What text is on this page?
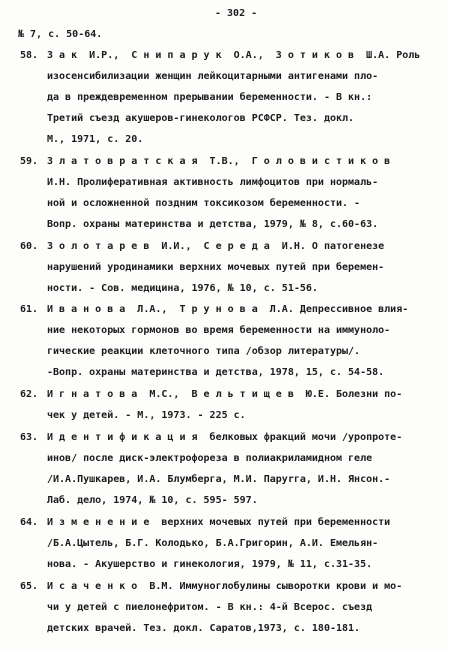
- 302 -
№ 7, с. 50-64.
58. З а к  И.Р.,  С н и п а р у к  О.А.,  З о т и к о в  Ш.А. Роль
изосенсибилизации женщин лейкоцитарными антигенами пло-
да в преждевременном прерывании беременности. - В кн.:
Третий съезд акушеров-гинекологов РСФСР. Тез. докл.
М., 1971, с. 20.
59. З л а т о в р а т с к а я  Т.В.,  Г о л о в и с т и к о в
И.Н. Пролиферативная активность лимфоцитов при нормаль-
ной и осложненной поздним токсикозом беременности. -
Вопр. охраны материнства и детства, 1979, № 8, с.60-63.
60. З о л о т а р е в  И.И.,  С е р е д а  И.Н. О патогенезе
нарушений уродинамики верхних мочевых путей при беремен-
ности. - Сов. медицина, 1976, № 10, с. 51-56.
61. И в а н о в а  Л.А.,  Т р у н о в а  Л.А. Депрессивное влия-
ние некоторых гормонов во время беременности на иммуноло-
гические реакции клеточного типа /обзор литературы/.
-Вопр. охраны материнства и детства, 1978, 15, с. 54-58.
62. И г н а т о в а  М.С.,  В е л ь т и щ е в  Ю.Е. Болезни по-
чек у детей. - М., 1973. - 225 с.
63. И д е н т и ф и к а ц и я  белковых фракций мочи /уропроте-
инов/ после диск-электрофореза в полиакриламидном геле
/И.А.Пушкарев, И.А. Блумберга, М.И. Паруrга, И.Н. Янсон.-
Лаб. дело, 1974, № 10, с. 595- 597.
64. И з м е н е н и е  верхних мочевых путей при беременности
/Б.А.Цытель, Б.Г. Колодько, Б.А.Григорин, А.И. Емельян-
нова. - Акушерство и гинекология, 1979, № 11, с.31-35.
65. И с а ч е н к о  В.М. Иммуноглобулины сыворотки крови и мо-
чи у детей с пиелонефритом. - В кн.: 4-й Всерос. съезд
детских врачей. Тез. докл. Саратов,1973, с. 180-181.
